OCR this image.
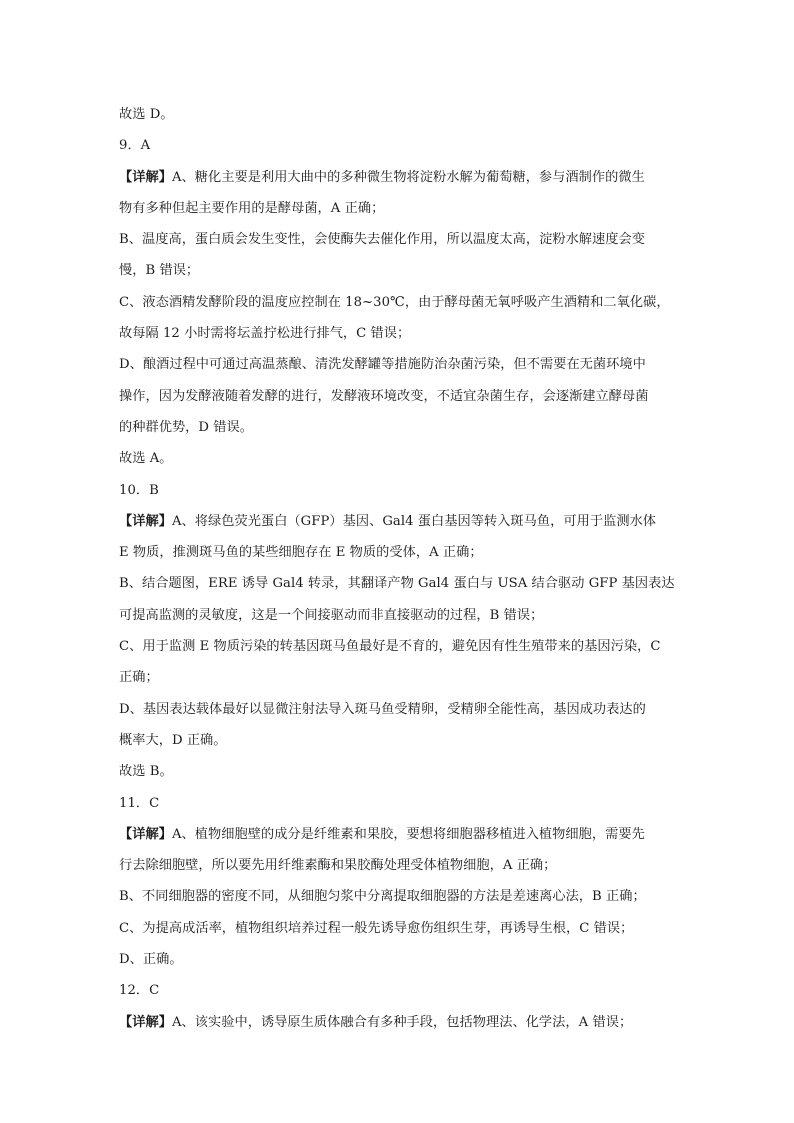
故选 D。
9．A
【详解】A、糖化主要是利用大曲中的多种微生物将淀粉水解为葡萄糖，参与酒制作的微生
物有多种但起主要作用的是酵母菌，A 正确；
B、温度高，蛋白质会发生变性，会使酶失去催化作用，所以温度太高，淀粉水解速度会变
慢，B 错误；
C、液态酒精发酵阶段的温度应控制在 18~30℃，由于酵母菌无氧呼吸产生酒精和二氧化碳，
故每隔 12 小时需将坛盖拧松进行排气，C 错误；
D、酿酒过程中可通过高温蒸酿、清洗发酵罐等措施防治杂菌污染，但不需要在无菌环境中
操作，因为发酵液随着发酵的进行，发酵液环境改变，不适宜杂菌生存，会逐渐建立酵母菌
的种群优势，D 错误。
故选 A。
10．B
【详解】A、将绿色荧光蛋白（GFP）基因、Gal4 蛋白基因等转入斑马鱼，可用于监测水体
E 物质，推测斑马鱼的某些细胞存在 E 物质的受体，A 正确；
B、结合题图，ERE 诱导 Gal4 转录，其翻译产物 Gal4 蛋白与 USA 结合驱动 GFP 基因表达
可提高监测的灵敏度，这是一个间接驱动而非直接驱动的过程，B 错误；
C、用于监测 E 物质污染的转基因斑马鱼最好是不育的，避免因有性生殖带来的基因污染，C
正确；
D、基因表达载体最好以显微注射法导入斑马鱼受精卵，受精卵全能性高，基因成功表达的
概率大，D 正确。
故选 B。
11．C
【详解】A、植物细胞壁的成分是纤维素和果胶，要想将细胞器移植进入植物细胞，需要先
行去除细胞壁，所以要先用纤维素酶和果胶酶处理受体植物细胞，A 正确；
B、不同细胞器的密度不同，从细胞匀浆中分离提取细胞器的方法是差速离心法，B 正确；
C、为提高成活率，植物组织培养过程一般先诱导愈伤组织生芽，再诱导生根，C 错误；
D、正确。
12．C
【详解】A、该实验中，诱导原生质体融合有多种手段，包括物理法、化学法，A 错误；
